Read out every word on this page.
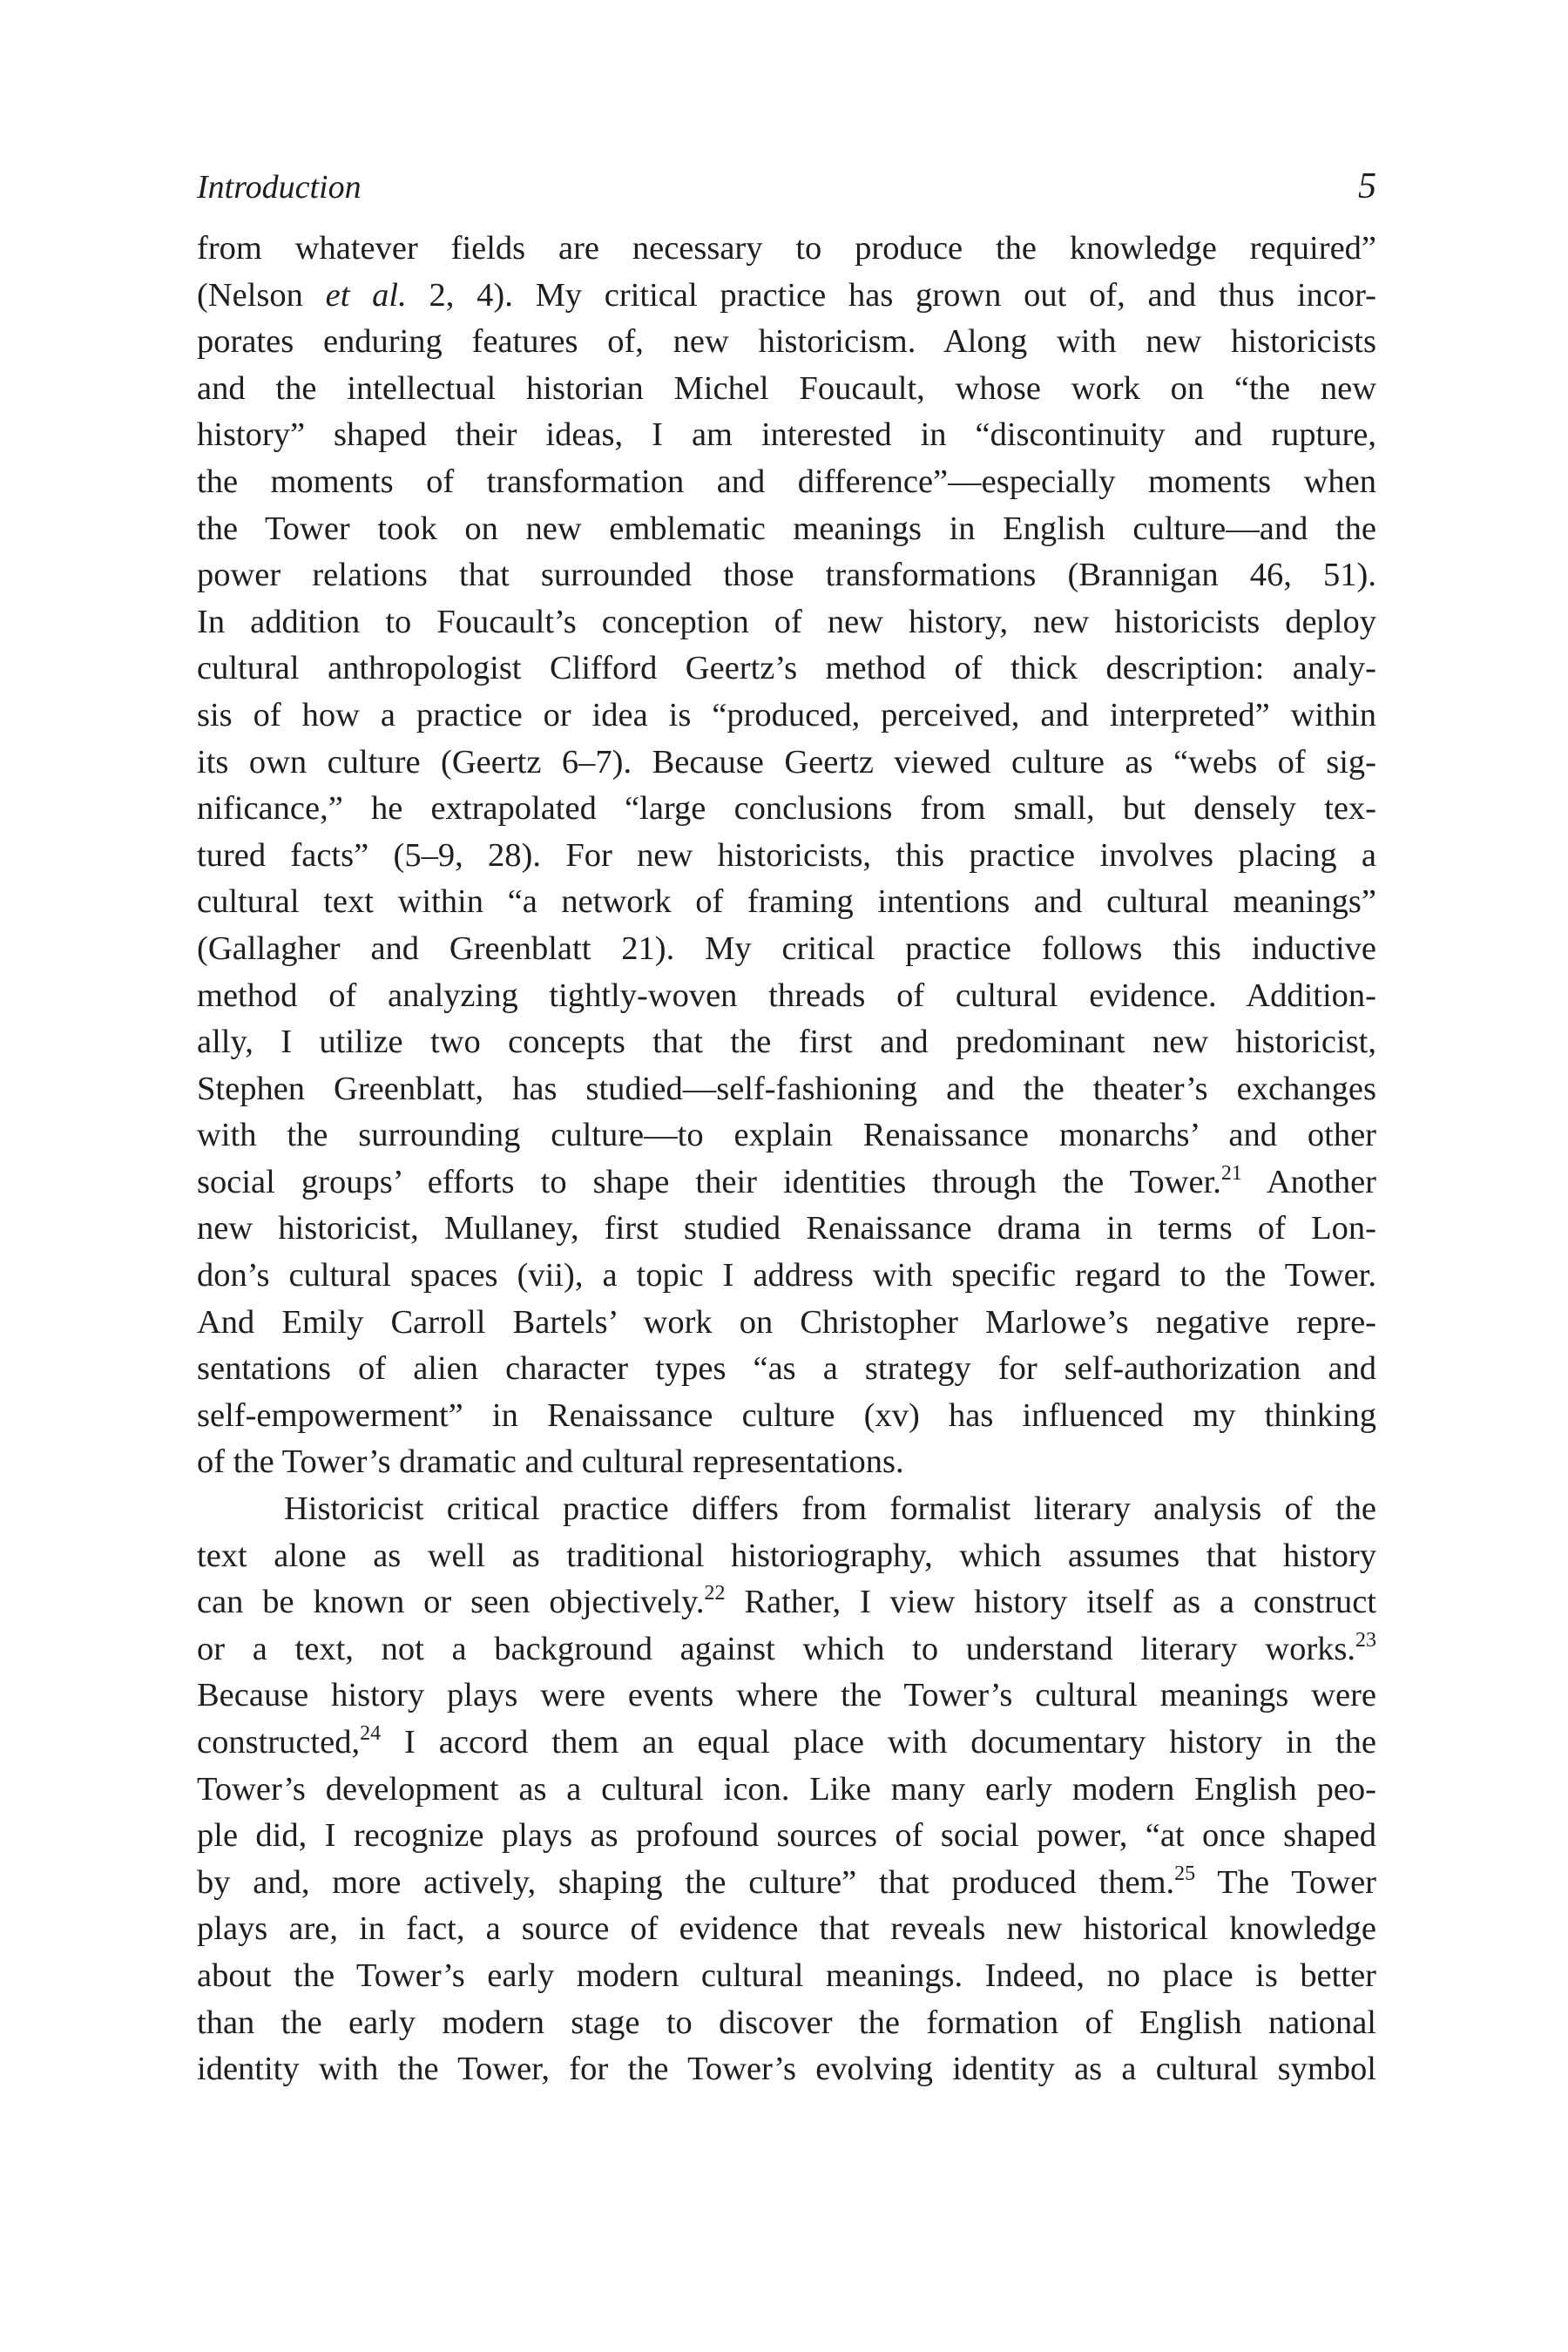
Introduction	5
from whatever fields are necessary to produce the knowledge required”
(Nelson et al. 2, 4). My critical practice has grown out of, and thus incor-
porates enduring features of, new historicism. Along with new historicists
and the intellectual historian Michel Foucault, whose work on “the new
history” shaped their ideas, I am interested in “discontinuity and rupture,
the moments of transformation and difference”—especially moments when
the Tower took on new emblematic meanings in English culture—and the
power relations that surrounded those transformations (Brannigan 46, 51).
In addition to Foucault’s conception of new history, new historicists deploy
cultural anthropologist Clifford Geertz’s method of thick description: analy-
sis of how a practice or idea is “produced, perceived, and interpreted” within
its own culture (Geertz 6–7). Because Geertz viewed culture as “webs of sig-
nificance,” he extrapolated “large conclusions from small, but densely tex-
tured facts” (5–9, 28). For new historicists, this practice involves placing a
cultural text within “a network of framing intentions and cultural meanings”
(Gallagher and Greenblatt 21). My critical practice follows this inductive
method of analyzing tightly-woven threads of cultural evidence. Addition-
ally, I utilize two concepts that the first and predominant new historicist,
Stephen Greenblatt, has studied—self-fashioning and the theater’s exchanges
with the surrounding culture—to explain Renaissance monarchs’ and other
social groups’ efforts to shape their identities through the Tower.$^{21}$ Another
new historicist, Mullaney, first studied Renaissance drama in terms of Lon-
don’s cultural spaces (vii), a topic I address with specific regard to the Tower.
And Emily Carroll Bartels’ work on Christopher Marlowe’s negative repre-
sentations of alien character types “as a strategy for self-authorization and
self-empowerment” in Renaissance culture (xv) has influenced my thinking
of the Tower’s dramatic and cultural representations.
Historicist critical practice differs from formalist literary analysis of the
text alone as well as traditional historiography, which assumes that history
can be known or seen objectively.$^{22}$ Rather, I view history itself as a construct
or a text, not a background against which to understand literary works.$^{23}$
Because history plays were events where the Tower’s cultural meanings were
constructed,$^{24}$ I accord them an equal place with documentary history in the
Tower’s development as a cultural icon. Like many early modern English peo-
ple did, I recognize plays as profound sources of social power, “at once shaped
by and, more actively, shaping the culture” that produced them.$^{25}$ The Tower
plays are, in fact, a source of evidence that reveals new historical knowledge
about the Tower’s early modern cultural meanings. Indeed, no place is better
than the early modern stage to discover the formation of English national
identity with the Tower, for the Tower’s evolving identity as a cultural symbol
